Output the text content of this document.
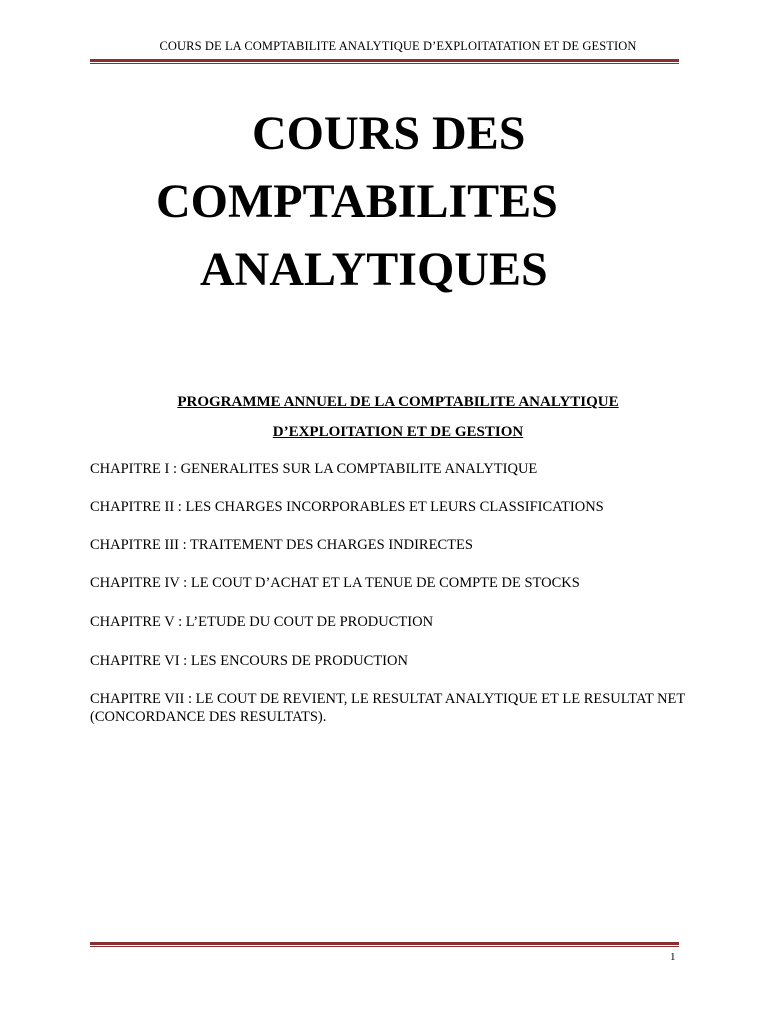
COURS DE LA COMPTABILITE ANALYTIQUE D’EXPLOITATATION ET DE GESTION
COURS DES
COMPTABILITES
ANALYTIQUES
PROGRAMME ANNUEL DE LA COMPTABILITE ANALYTIQUE
D’EXPLOITATION ET DE GESTION
CHAPITRE I : GENERALITES SUR LA COMPTABILITE ANALYTIQUE
CHAPITRE II : LES CHARGES INCORPORABLES ET LEURS CLASSIFICATIONS
CHAPITRE III : TRAITEMENT DES CHARGES INDIRECTES
CHAPITRE IV : LE COUT D’ACHAT ET LA TENUE DE COMPTE DE STOCKS
CHAPITRE V : L’ETUDE DU COUT DE PRODUCTION
CHAPITRE VI : LES ENCOURS DE PRODUCTION
CHAPITRE VII : LE COUT DE REVIENT, LE RESULTAT ANALYTIQUE ET LE RESULTAT NET (CONCORDANCE DES RESULTATS).
1
